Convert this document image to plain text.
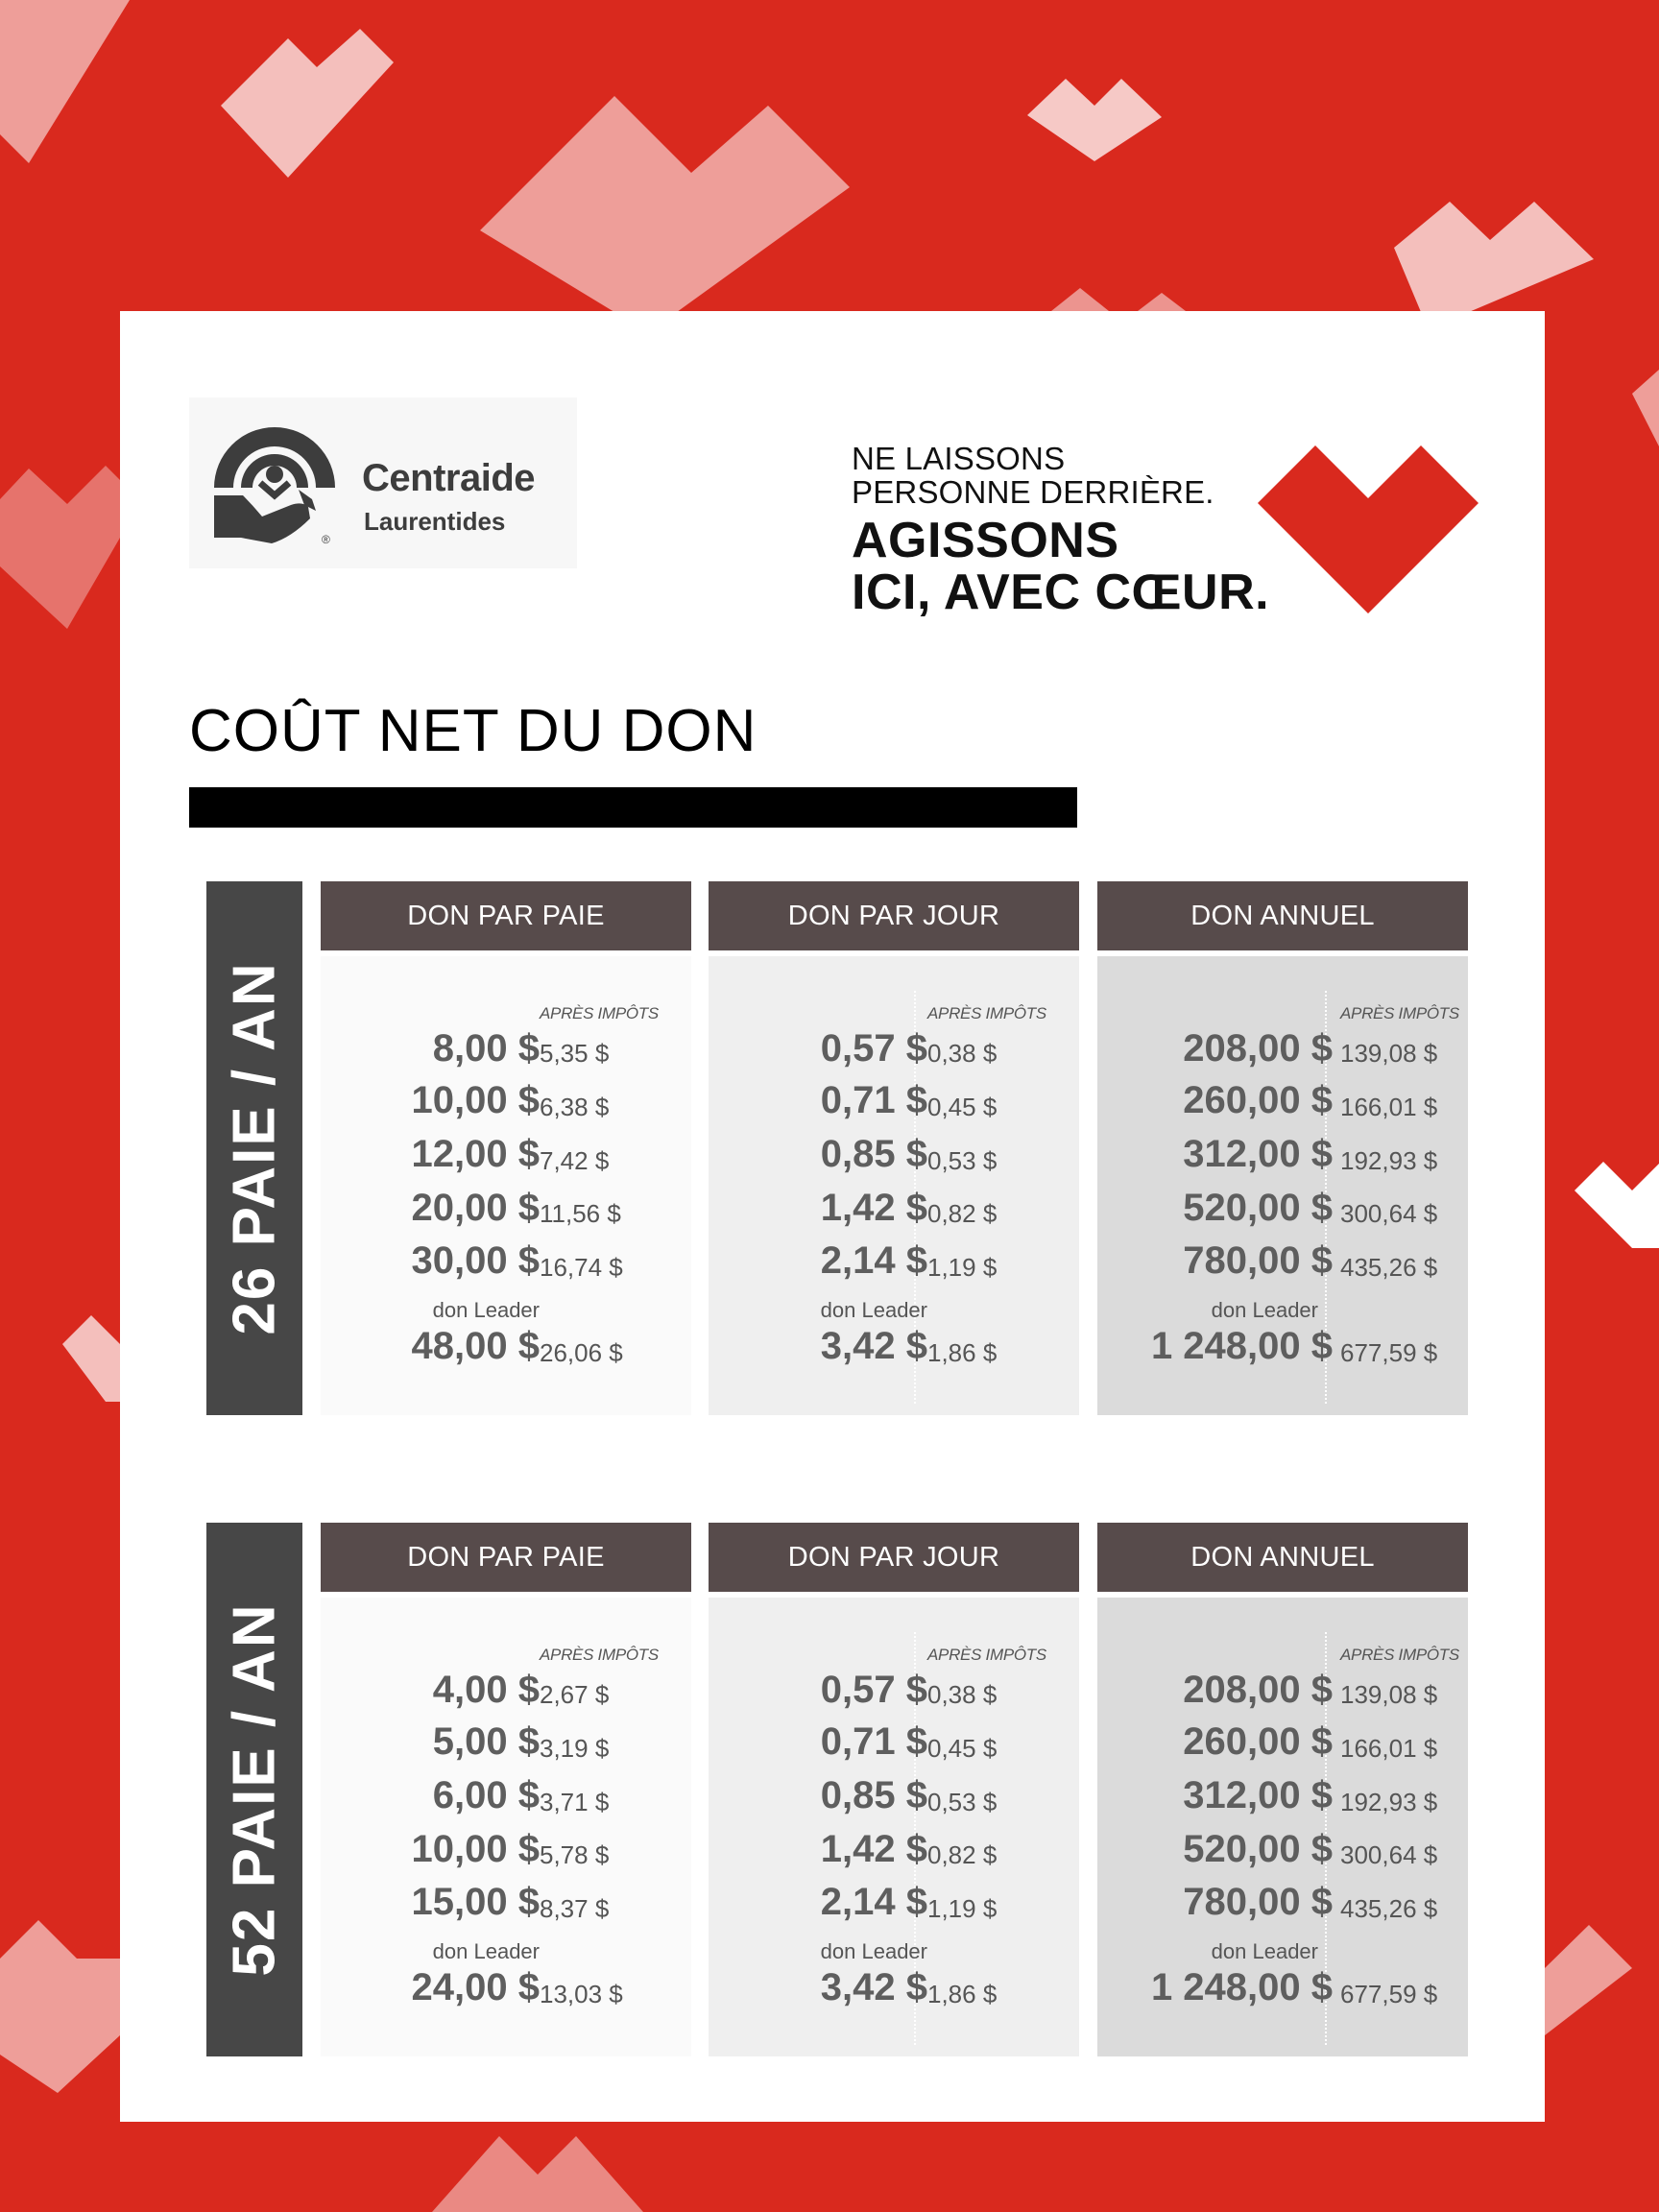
®
Centraide
Laurentides
NE LAISSONS
PERSONNE DERRIÈRE.
AGISSONS
ICI, AVEC CŒUR.
COÛT NET DU DON
26 PAIE / AN
DON PAR PAIE
APRÈS IMPÔTS
8,00 $ 5,35 $
10,00 $ 6,38 $
12,00 $ 7,42 $
20,00 $ 11,56 $
30,00 $ 16,74 $
don Leader
48,00 $ 26,06 $
DON PAR JOUR
APRÈS IMPÔTS
0,57 $ 0,38 $
0,71 $ 0,45 $
0,85 $ 0,53 $
1,42 $ 0,82 $
2,14 $ 1,19 $
don Leader
3,42 $ 1,86 $
DON ANNUEL
APRÈS IMPÔTS
208,00 $ 139,08 $
260,00 $ 166,01 $
312,00 $ 192,93 $
520,00 $ 300,64 $
780,00 $ 435,26 $
don Leader
1 248,00 $ 677,59 $
52 PAIE / AN
DON PAR PAIE
APRÈS IMPÔTS
4,00 $ 2,67 $
5,00 $ 3,19 $
6,00 $ 3,71 $
10,00 $ 5,78 $
15,00 $ 8,37 $
don Leader
24,00 $ 13,03 $
DON PAR JOUR
APRÈS IMPÔTS
0,57 $ 0,38 $
0,71 $ 0,45 $
0,85 $ 0,53 $
1,42 $ 0,82 $
2,14 $ 1,19 $
don Leader
3,42 $ 1,86 $
DON ANNUEL
APRÈS IMPÔTS
208,00 $ 139,08 $
260,00 $ 166,01 $
312,00 $ 192,93 $
520,00 $ 300,64 $
780,00 $ 435,26 $
don Leader
1 248,00 $ 677,59 $
